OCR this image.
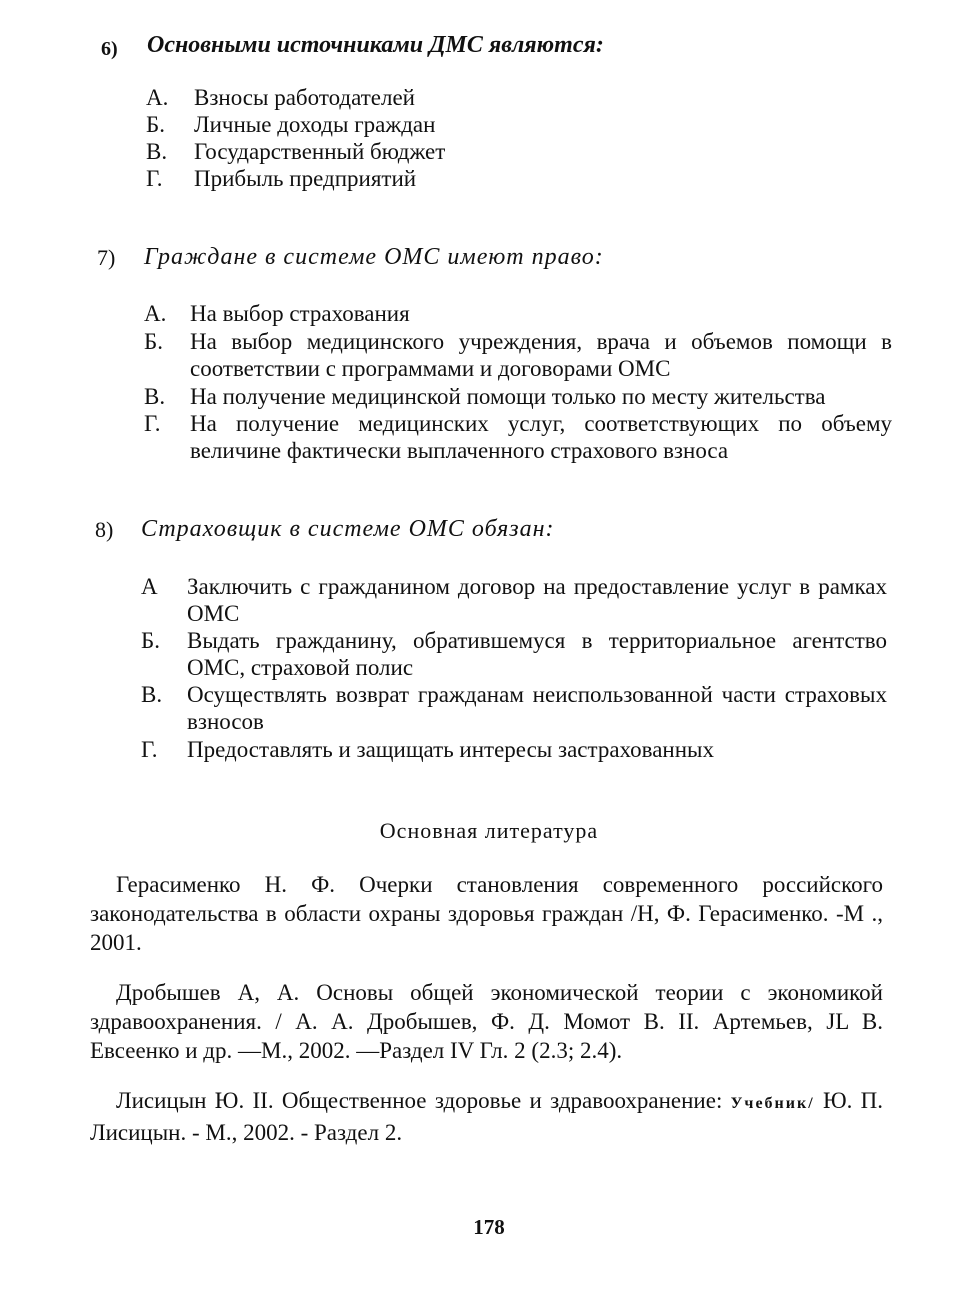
6) Основными источниками ДМС являются:
А. Взносы работодателей
Б. Личные доходы граждан
В. Государственный бюджет
Г. Прибыль предприятий
7) Граждане в системе ОМС имеют право:
А. На выбор страхования
Б. На выбор медицинского учреждения, врача и объемов помощи в соответствии с программами и договорами ОМС
В. На получение медицинской помощи только по месту жительства
Г. На получение медицинских услуг, соответствующих по объему величине фактически выплаченного страхового взноса
8) Страховщик в системе ОМС обязан:
А Заключить с гражданином договор на предоставление услуг в рамках ОМС
Б. Выдать гражданину, обратившемуся в территориальное агентство ОМС, страховой полис
В. Осуществлять возврат гражданам неиспользованной части страховых взносов
Г. Предоставлять и защищать интересы застрахованных
Основная литература

Герасименко Н. Ф. Очерки становления современного российского законодательства в области охраны здоровья граждан /Н, Ф. Герасименко. -М ., 2001.

Дробышев А, А. Основы общей экономической теории с экономикой здравоохранения. / А. А. Дробышев, Ф. Д. Момот В. II. Артемьев, JL В. Евсеенко и др. —М., 2002. —Раздел IV Гл. 2 (2.3; 2.4).

Лисицын Ю. II. Общественное здоровье и здравоохранение: Учебник/ Ю. П. Лисицын. - М., 2002. - Раздел 2.

178
